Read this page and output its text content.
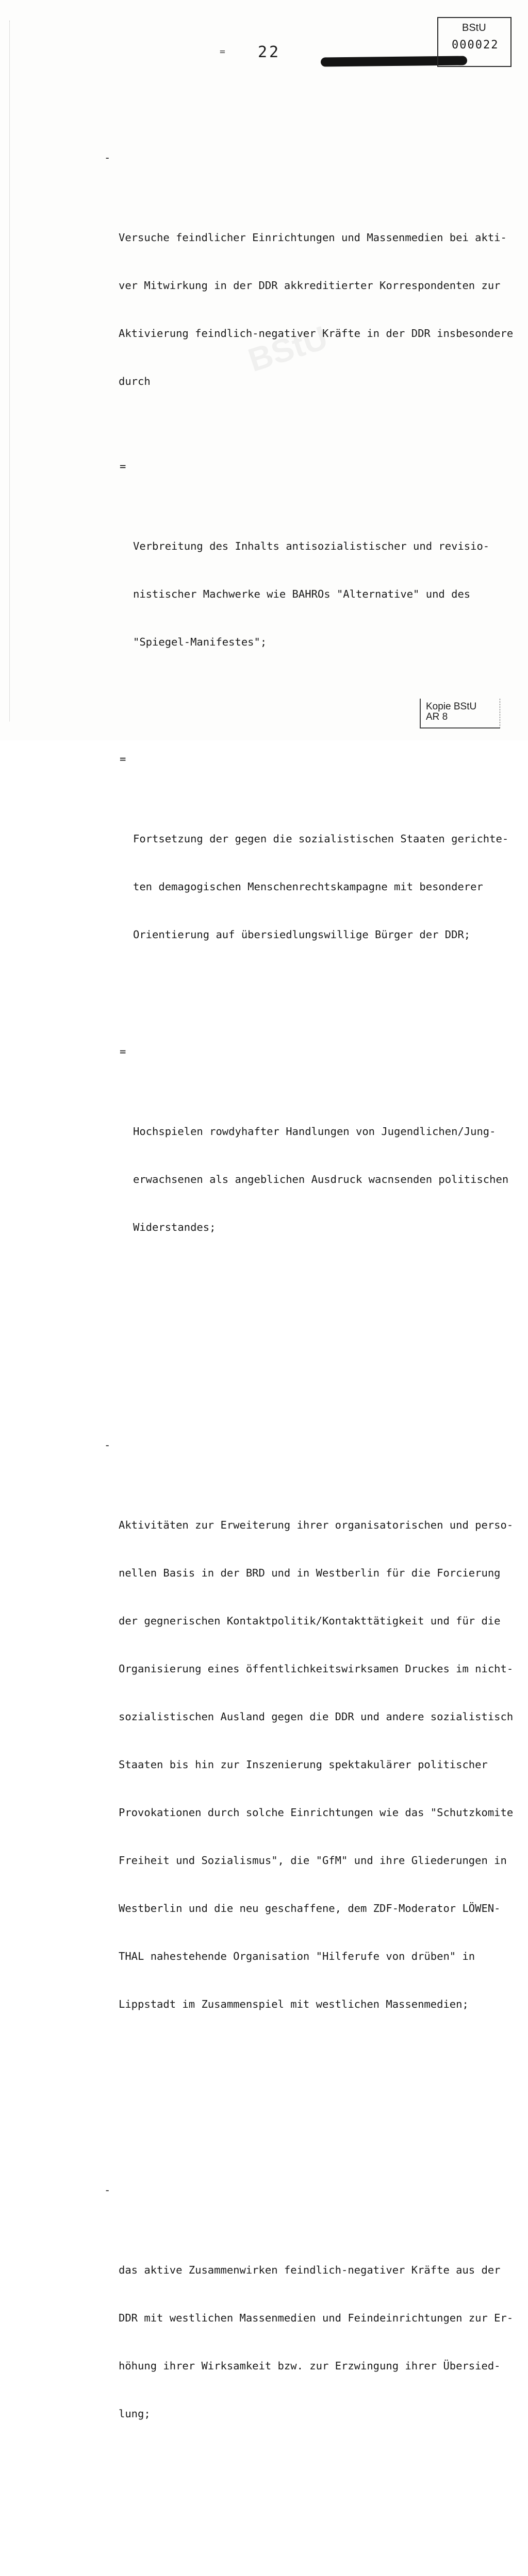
= 22
BStU
000022
BStU

-

Versuche feindlicher Einrichtungen und Massenmedien bei akti-

ver Mitwirkung in der DDR akkreditierter Korrespondenten zur

Aktivierung feindlich-negativer Kräfte in der DDR insbesondere

durch

=

Verbreitung des Inhalts antisozialistischer und revisio-

nistischer Machwerke wie BAHROs "Alternative" und des

"Spiegel-Manifestes";

=

Fortsetzung der gegen die sozialistischen Staaten gerichte-

ten demagogischen Menschenrechtskampagne mit besonderer

Orientierung auf übersiedlungswillige Bürger der DDR;

=

Hochspielen rowdyhafter Handlungen von Jugendlichen/Jung-

erwachsenen als angeblichen Ausdruck wacnsenden politischen

Widerstandes;

-

Aktivitäten zur Erweiterung ihrer organisatorischen und perso-

nellen Basis in der BRD und in Westberlin für die Forcierung

der gegnerischen Kontaktpolitik/Kontakttätigkeit und für die

Organisierung eines öffentlichkeitswirksamen Druckes im nicht-

sozialistischen Ausland gegen die DDR und andere sozialistisch

Staaten bis hin zur Inszenierung spektakulärer politischer

Provokationen durch solche Einrichtungen wie das "Schutzkomite

Freiheit und Sozialismus", die "GfM" und ihre Gliederungen in

Westberlin und die neu geschaffene, dem ZDF-Moderator LÖWEN-

THAL nahestehende Organisation "Hilferufe von drüben" in

Lippstadt im Zusammenspiel mit westlichen Massenmedien;

-

das aktive Zusammenwirken feindlich-negativer Kräfte aus der

DDR mit westlichen Massenmedien und Feindeinrichtungen zur Er-

höhung ihrer Wirksamkeit bzw. zur Erzwingung ihrer Übersied-

lung;

Kopie BStU
AR 8
